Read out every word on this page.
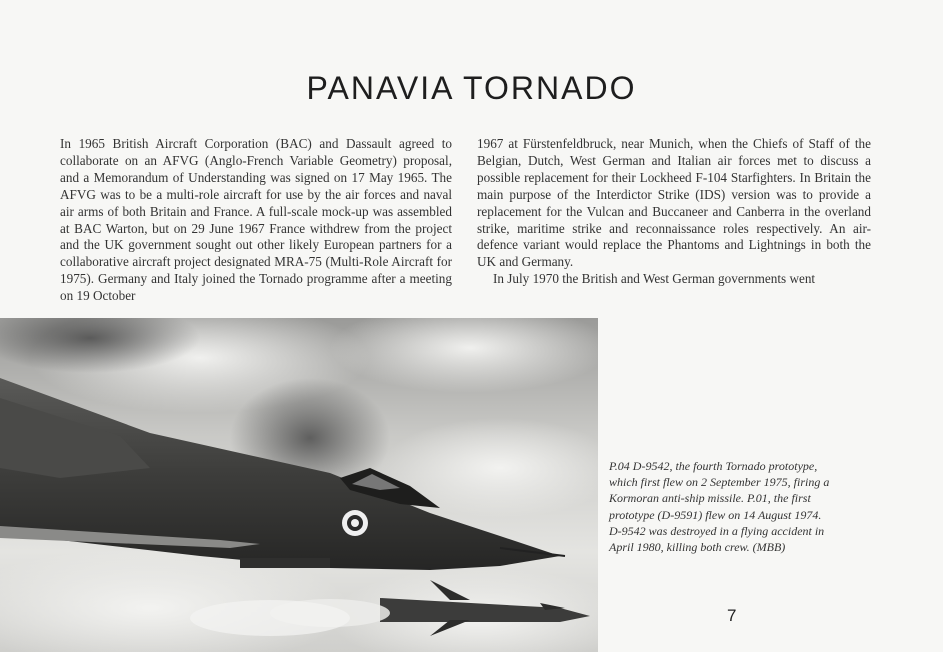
PANAVIA TORNADO

In 1965 British Aircraft Corporation (BAC) and Dassault agreed to collaborate on an AFVG (Anglo-French Variable Geometry) proposal, and a Memorandum of Understanding was signed on 17 May 1965. The AFVG was to be a multi-role aircraft for use by the air forces and naval air arms of both Britain and France. A full-scale mock-up was assembled at BAC Warton, but on 29 June 1967 France withdrew from the project and the UK government sought out other likely European partners for a collaborative aircraft project designated MRA-75 (Multi-Role Aircraft for 1975). Germany and Italy joined the Tornado programme after a meeting on 19 October

1967 at Fürstenfeldbruck, near Munich, when the Chiefs of Staff of the Belgian, Dutch, West German and Italian air forces met to discuss a possible replacement for their Lockheed F-104 Starfighters. In Britain the main purpose of the Interdictor Strike (IDS) version was to provide a replacement for the Vulcan and Buccaneer and Canberra in the overland strike, maritime strike and reconnaissance roles respectively. An air-defence variant would replace the Phantoms and Lightnings in both the UK and Germany.

In July 1970 the British and West German governments went

P.04 D-9542, the fourth Tornado prototype, which first flew on 2 September 1975, firing a Kormoran anti-ship missile. P.01, the first prototype (D-9591) flew on 14 August 1974. D-9542 was destroyed in a flying accident in April 1980, killing both crew. (MBB)

7
